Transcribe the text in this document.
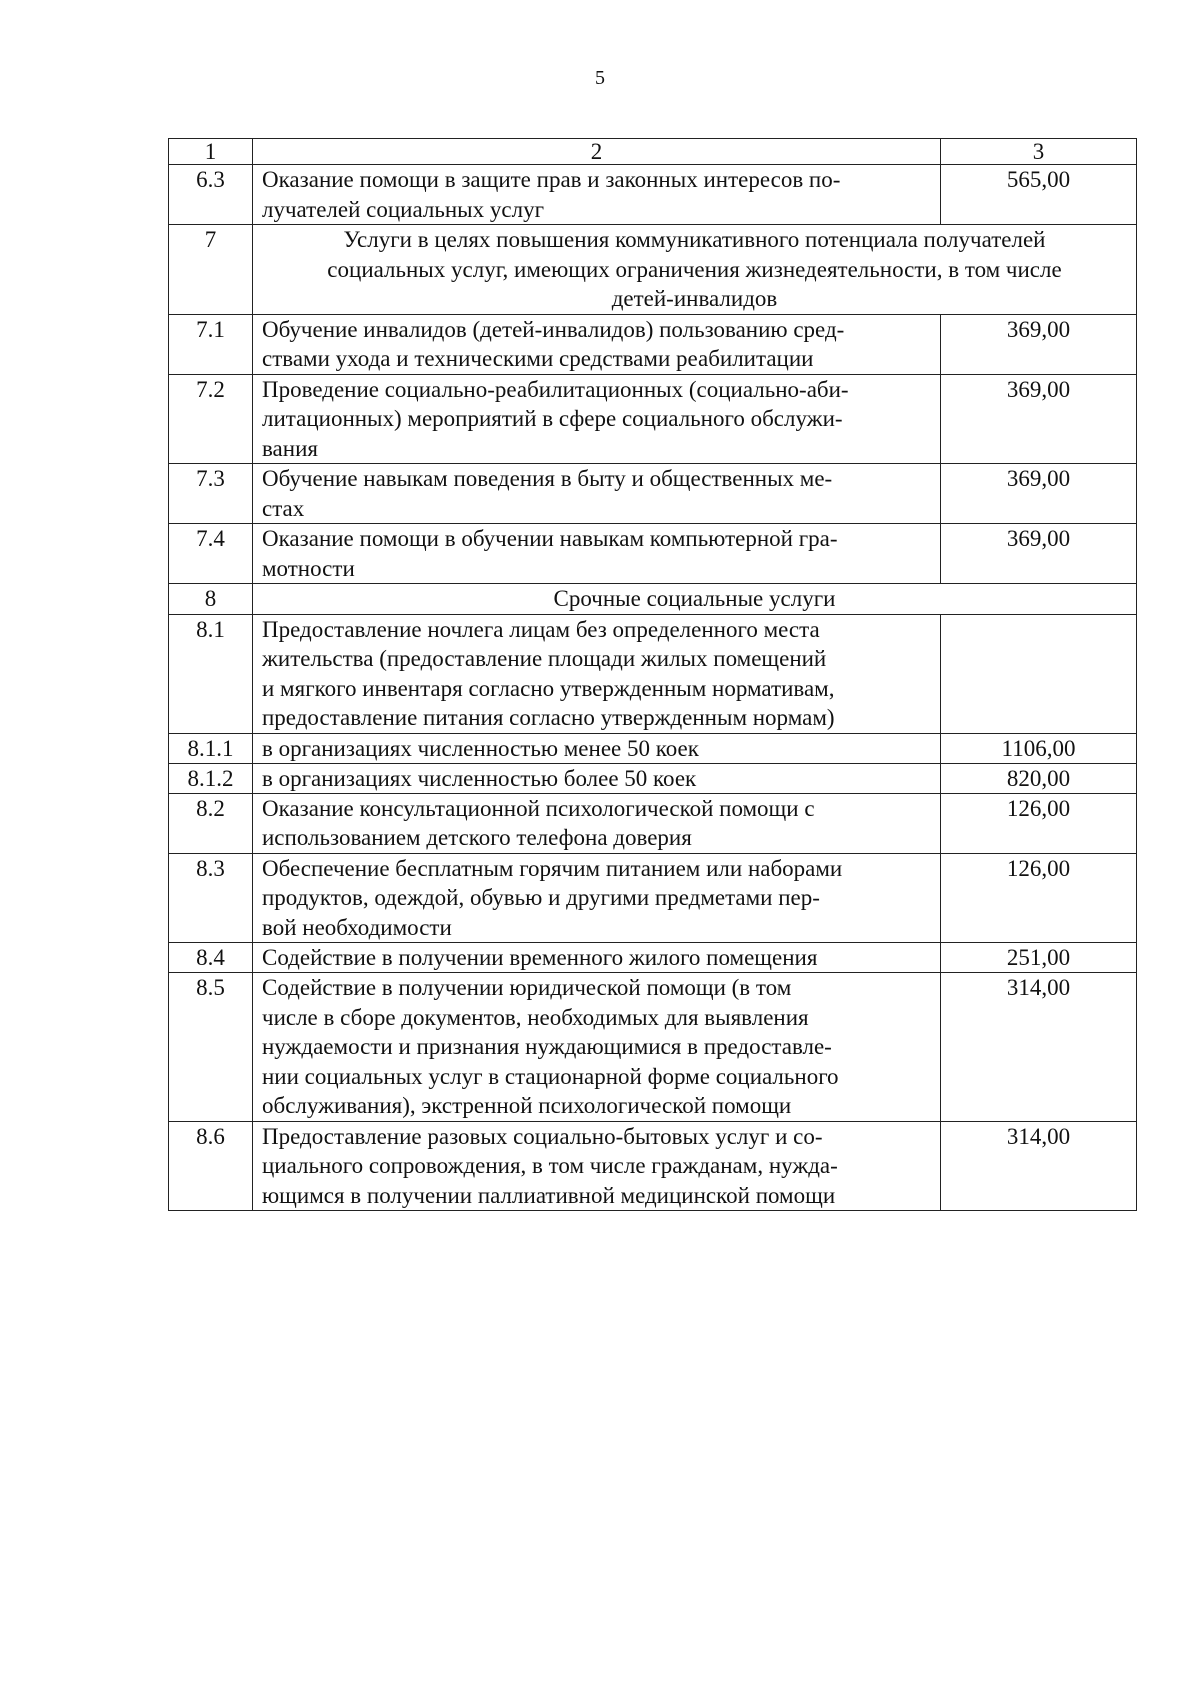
5
1	2	3
6.3	Оказание помощи в защите прав и законных интересов по-
лучателей социальных услуг	565,00
7	Услуги в целях повышения коммуникативного потенциала получателей
социальных услуг, имеющих ограничения жизнедеятельности, в том числе
детей-инвалидов	
7.1	Обучение инвалидов (детей-инвалидов) пользованию сред-
ствами ухода и техническими средствами реабилитации	369,00
7.2	Проведение социально-реабилитационных (социально-аби-
литационных) мероприятий в сфере социального обслужи-
вания	369,00
7.3	Обучение навыкам поведения в быту и общественных ме-
стах	369,00
7.4	Оказание помощи в обучении навыкам компьютерной гра-
мотности	369,00
8	Срочные социальные услуги	
8.1	Предоставление ночлега лицам без определенного места
жительства (предоставление площади жилых помещений
и мягкого инвентаря согласно утвержденным нормативам,
предоставление питания согласно утвержденным нормам)	
8.1.1	в организациях численностью менее 50 коек	1106,00
8.1.2	в организациях численностью более 50 коек	820,00
8.2	Оказание консультационной психологической помощи с
использованием детского телефона доверия	126,00
8.3	Обеспечение бесплатным горячим питанием или наборами
продуктов, одеждой, обувью и другими предметами пер-
вой необходимости	126,00
8.4	Содействие в получении временного жилого помещения	251,00
8.5	Содействие в получении юридической помощи (в том
числе в сборе документов, необходимых для выявления
нуждаемости и признания нуждающимися в предоставле-
нии социальных услуг в стационарной форме социального
обслуживания), экстренной психологической помощи	314,00
8.6	Предоставление разовых социально-бытовых услуг и со-
циального сопровождения, в том числе гражданам, нужда-
ющимся в получении паллиативной медицинской помощи	314,00
